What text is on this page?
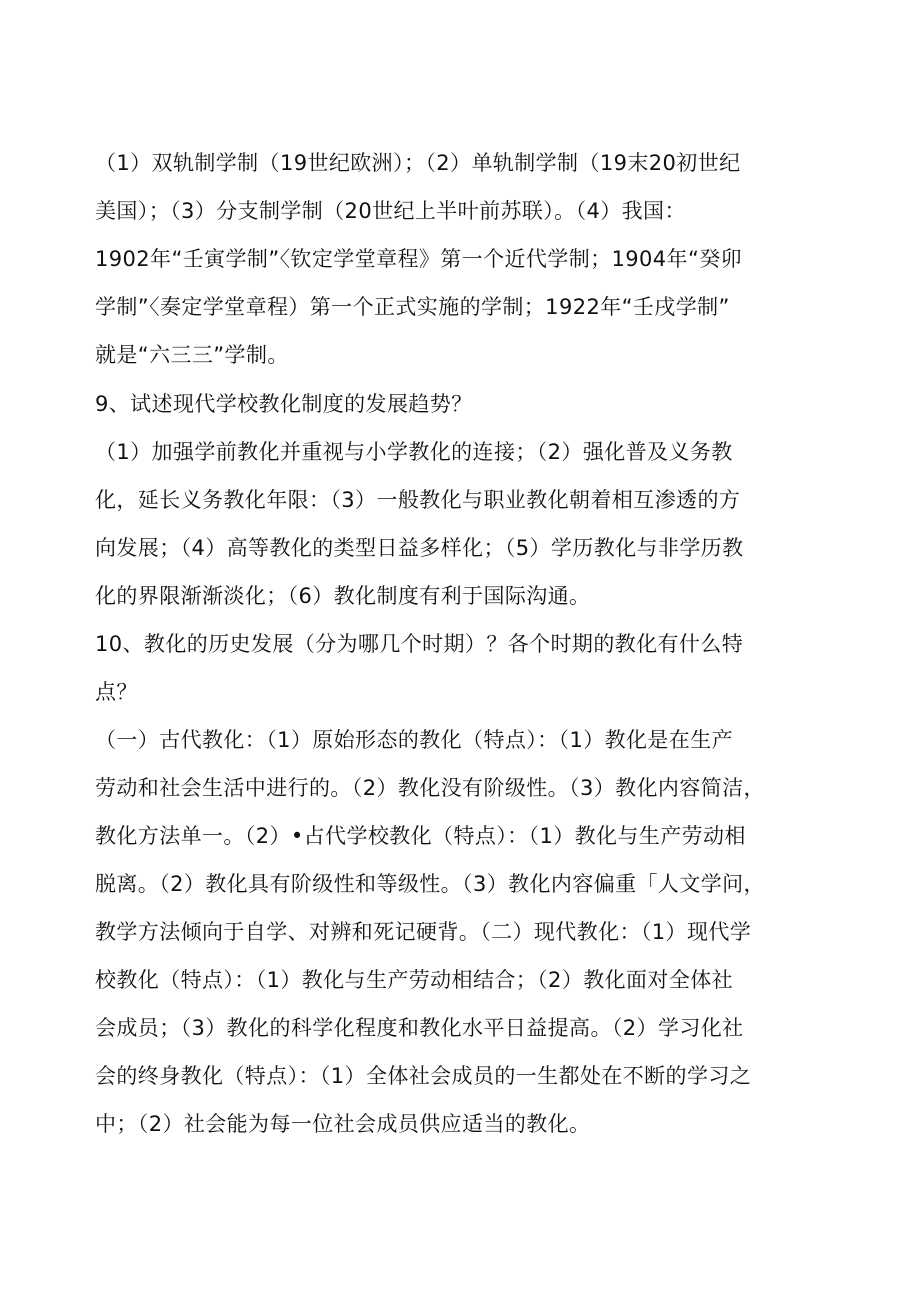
（1）双轨制学制（19世纪欧洲）；（2）单轨制学制（19末20初世纪
美国）；（3）分支制学制（20世纪上半叶前苏联）。（4）我国：
1902年“壬寅学制”〈钦定学堂章程》第一个近代学制；1904年“癸卯
学制”〈奏定学堂章程）第一个正式实施的学制；1922年“壬戌学制”
就是“六三三”学制。
9、试述现代学校教化制度的发展趋势？
（1）加强学前教化并重视与小学教化的连接；（2）强化普及义务教
化，延长义务教化年限：（3）一般教化与职业教化朝着相互渗透的方
向发展；（4）高等教化的类型日益多样化；（5）学历教化与非学历教
化的界限渐渐淡化；（6）教化制度有利于国际沟通。
10、教化的历史发展（分为哪几个时期）？各个时期的教化有什么特
点？
（一）古代教化：（1）原始形态的教化（特点）：（1）教化是在生产
劳动和社会生活中进行的。（2）教化没有阶级性。（3）教化内容简洁，
教化方法单一。（2）•占代学校教化（特点）：（1）教化与生产劳动相
脱离。（2）教化具有阶级性和等级性。（3）教化内容偏重「人文学问，
教学方法倾向于自学、对辨和死记硬背。（二）现代教化：（1）现代学
校教化（特点）：（1）教化与生产劳动相结合；（2）教化面对全体社
会成员；（3）教化的科学化程度和教化水平日益提高。（2）学习化社
会的终身教化（特点）：（1）全体社会成员的一生都处在不断的学习之
中；（2）社会能为每一位社会成员供应适当的教化。
